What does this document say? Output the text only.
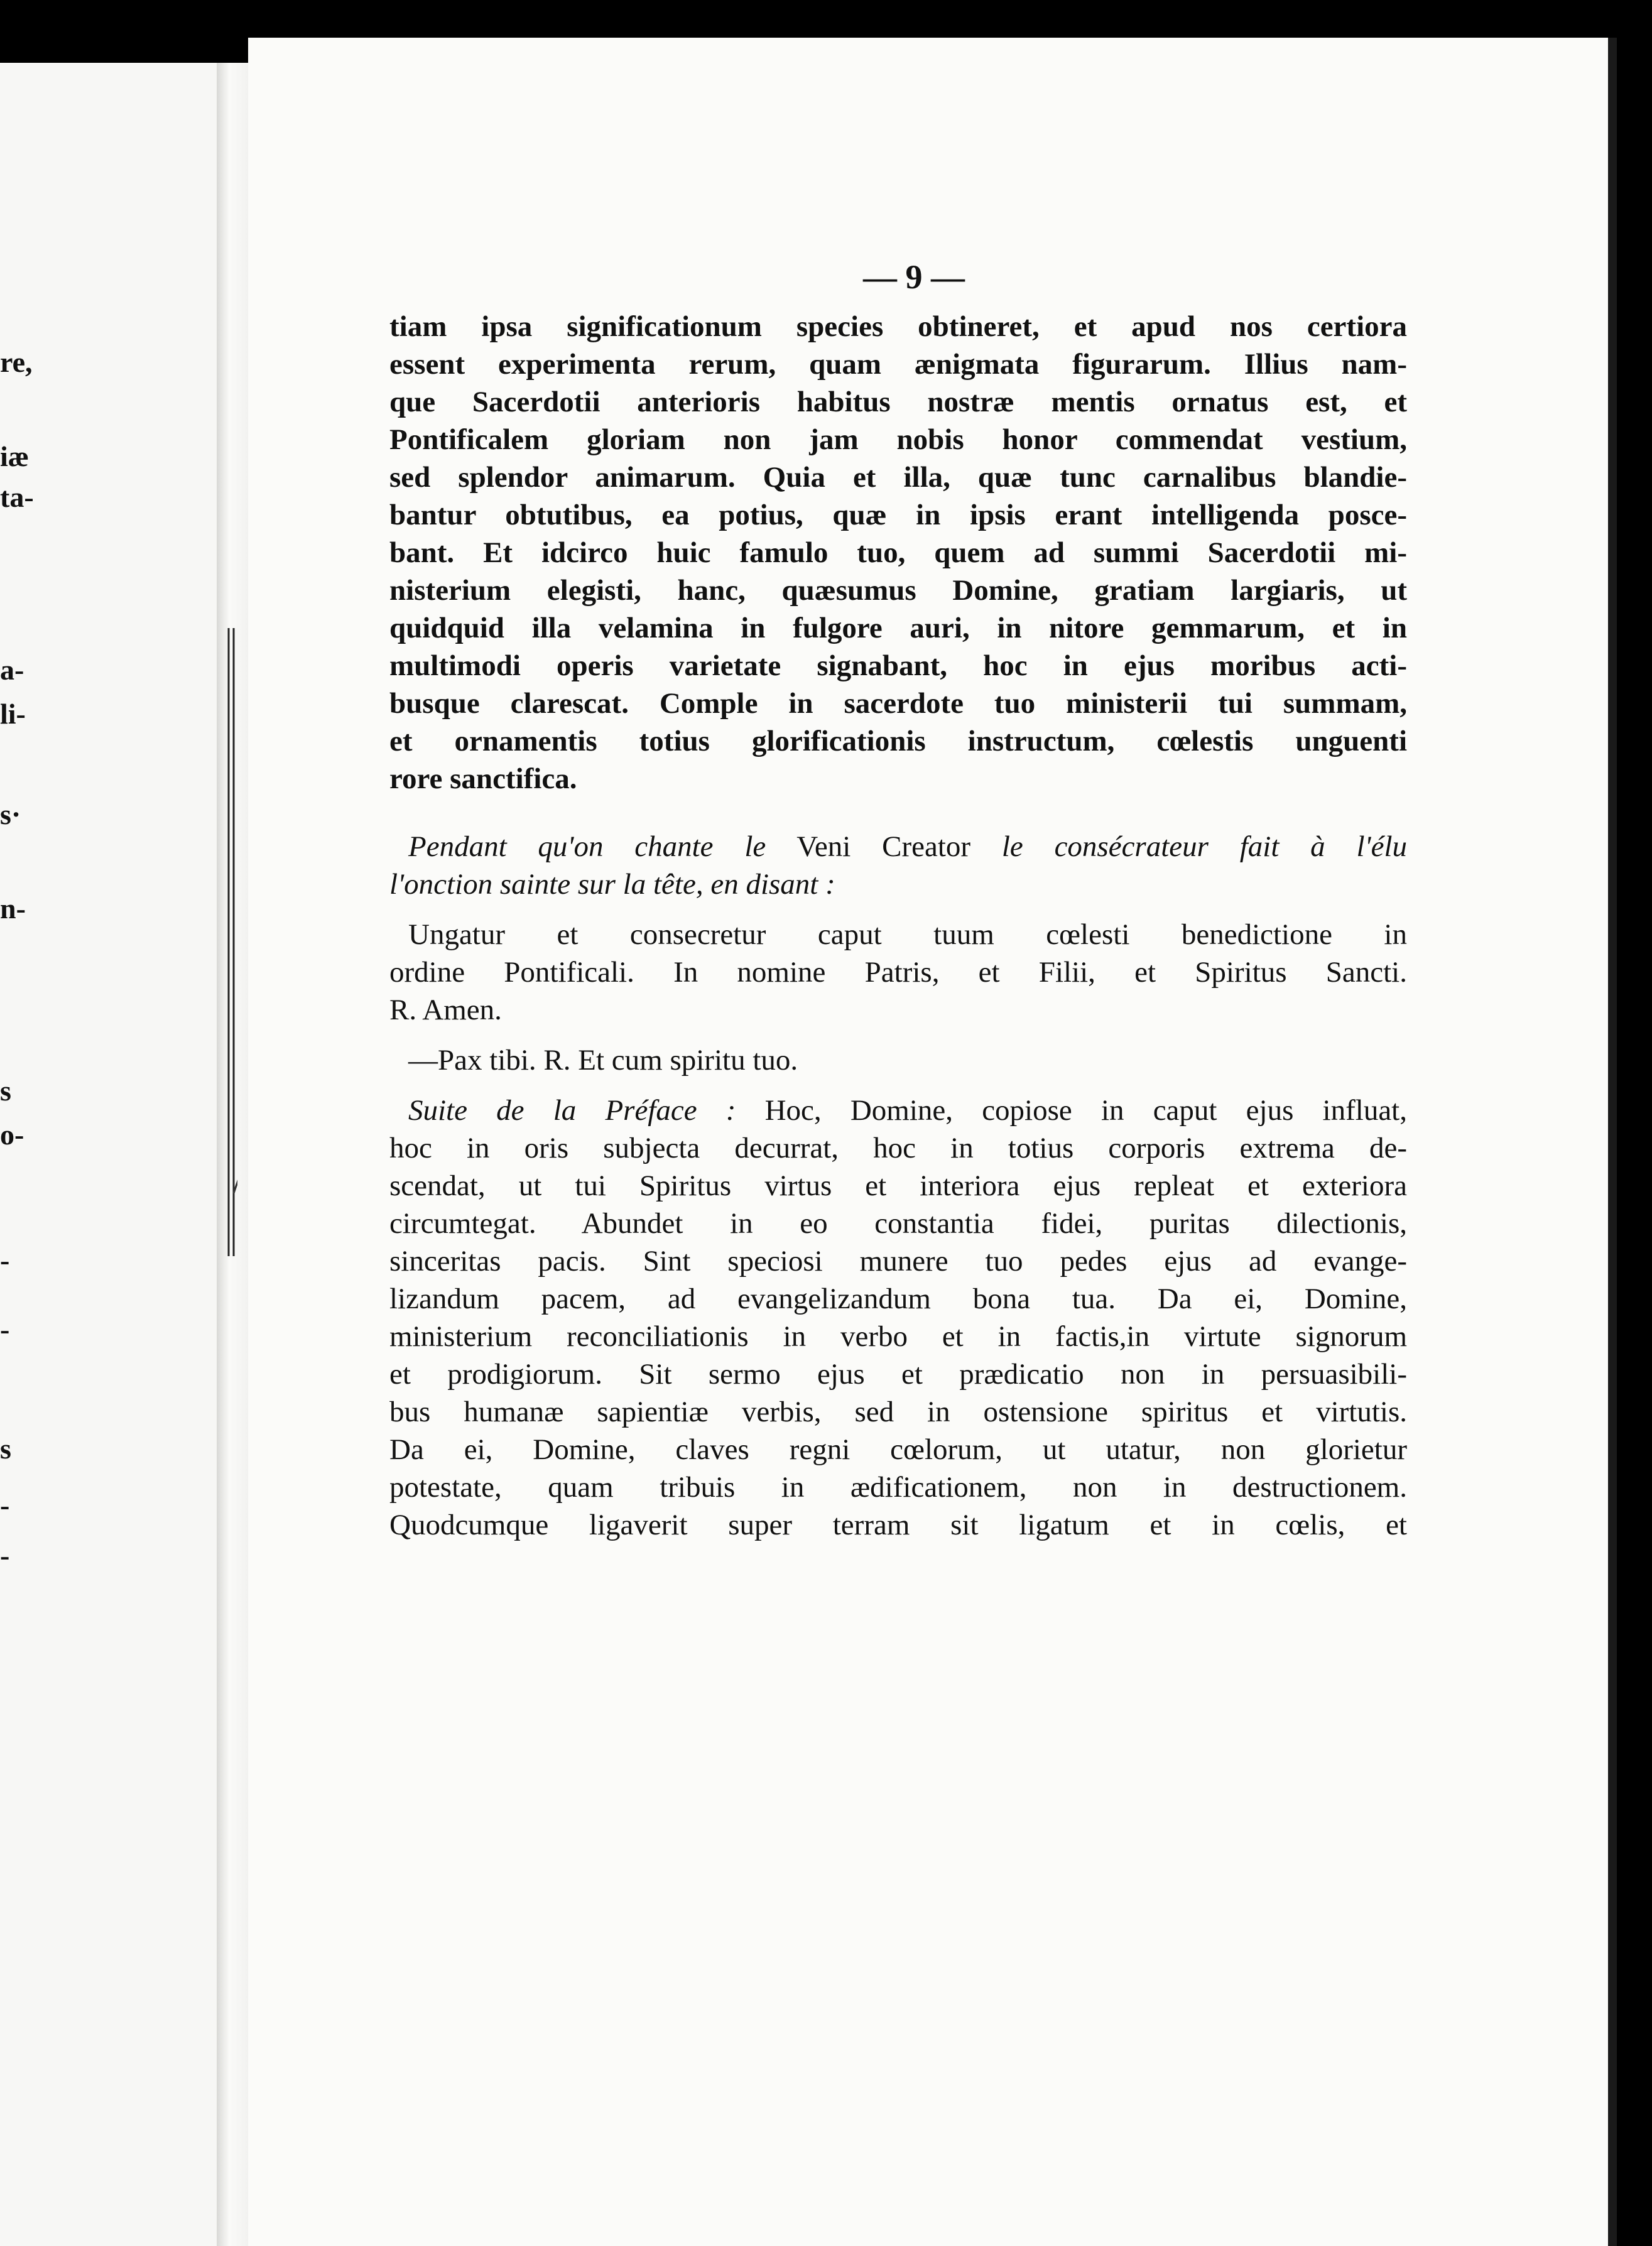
re,
iæ
ta-
a-
li-
s·
n-
s
o-
-
-
s
-
-
— 9 —
tiam ipsa significationum species obtineret, et apud nos certiora
essent experimenta rerum, quam ænigmata figurarum. Illius nam-
que Sacerdotii anterioris habitus nostræ mentis ornatus est, et
Pontificalem gloriam non jam nobis honor commendat vestium,
sed splendor animarum. Quia et illa, quæ tunc carnalibus blandie-
bantur obtutibus, ea potius, quæ in ipsis erant intelligenda posce-
bant. Et idcirco huic famulo tuo, quem ad summi Sacerdotii mi-
nisterium elegisti, hanc, quæsumus Domine, gratiam largiaris, ut
quidquid illa velamina in fulgore auri, in nitore gemmarum, et in
multimodi operis varietate signabant, hoc in ejus moribus acti-
busque clarescat. Comple in sacerdote tuo ministerii tui summam,
et ornamentis totius glorificationis instructum, cœlestis unguenti
rore sanctifica.
Pendant qu'on chante le Veni Creator le consécrateur fait à l'élu
l'onction sainte sur la tête, en disant :
Ungatur et consecretur caput tuum cœlesti benedictione in
ordine Pontificali. In nomine Patris, et Filii, et Spiritus Sancti.
R. Amen.
—Pax tibi. R. Et cum spiritu tuo.
Suite de la Préface : Hoc, Domine, copiose in caput ejus influat,
hoc in oris subjecta decurrat, hoc in totius corporis extrema de-
scendat, ut tui Spiritus virtus et interiora ejus repleat et exteriora
circumtegat. Abundet in eo constantia fidei, puritas dilectionis,
sinceritas pacis. Sint speciosi munere tuo pedes ejus ad evange-
lizandum pacem, ad evangelizandum bona tua. Da ei, Domine,
ministerium reconciliationis in verbo et in factis,in virtute signorum
et prodigiorum. Sit sermo ejus et prædicatio non in persuasibili-
bus humanæ sapientiæ verbis, sed in ostensione spiritus et virtutis.
Da ei, Domine, claves regni cœlorum, ut utatur, non glorietur
potestate, quam tribuis in ædificationem, non in destructionem.
Quodcumque ligaverit super terram sit ligatum et in cœlis, et
